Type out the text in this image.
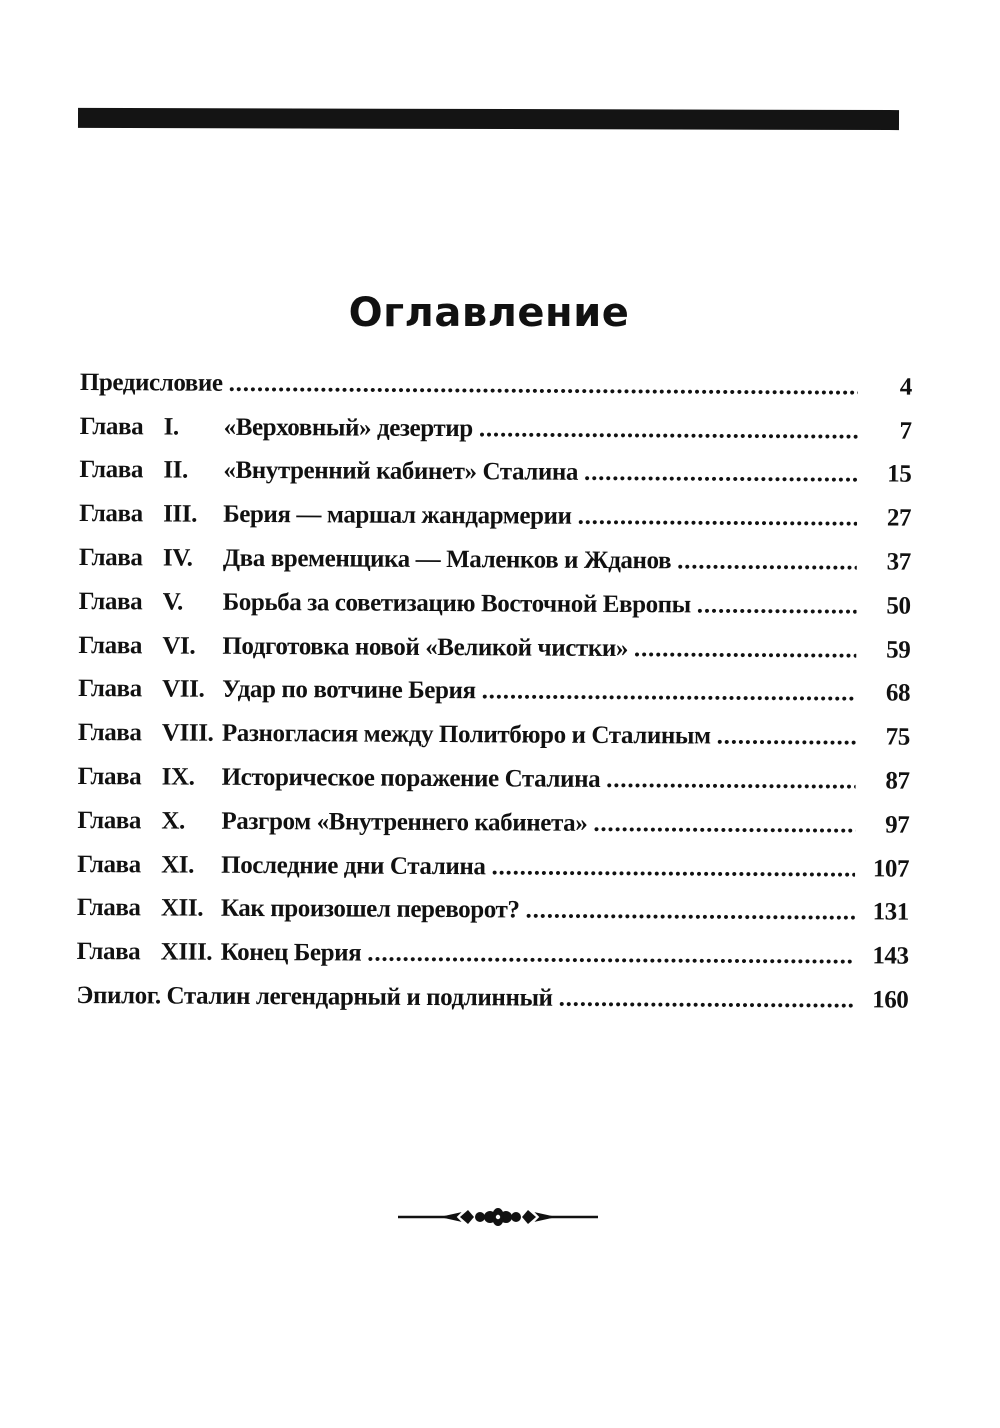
Оглавление
Предисловие .....	4
Глава I.	«Верховный» дезертир .....	7
Глава II.	«Внутренний кабинет» Сталина .....	15
Глава III.	Берия — маршал жандармерии .....	27
Глава IV.	Два временщика — Маленков и Жданов .....	37
Глава V.	Борьба за советизацию Восточной Европы .....	50
Глава VI.	Подготовка новой «Великой чистки» .....	59
Глава VII. Удар по вотчине Берия .....	68
Глава VIII. Разногласия между Политбюро и Сталиным .....	75
Глава IX.	Историческое поражение Сталина .....	87
Глава X.	Разгром «Внутреннего кабинета» .....	97
Глава XI.	Последние дни Сталина .....	107
Глава XII. Как произошел переворот? .....	131
Глава XIII. Конец Берия .....	143
Эпилог. Сталин легендарный и подлинный .....	160
